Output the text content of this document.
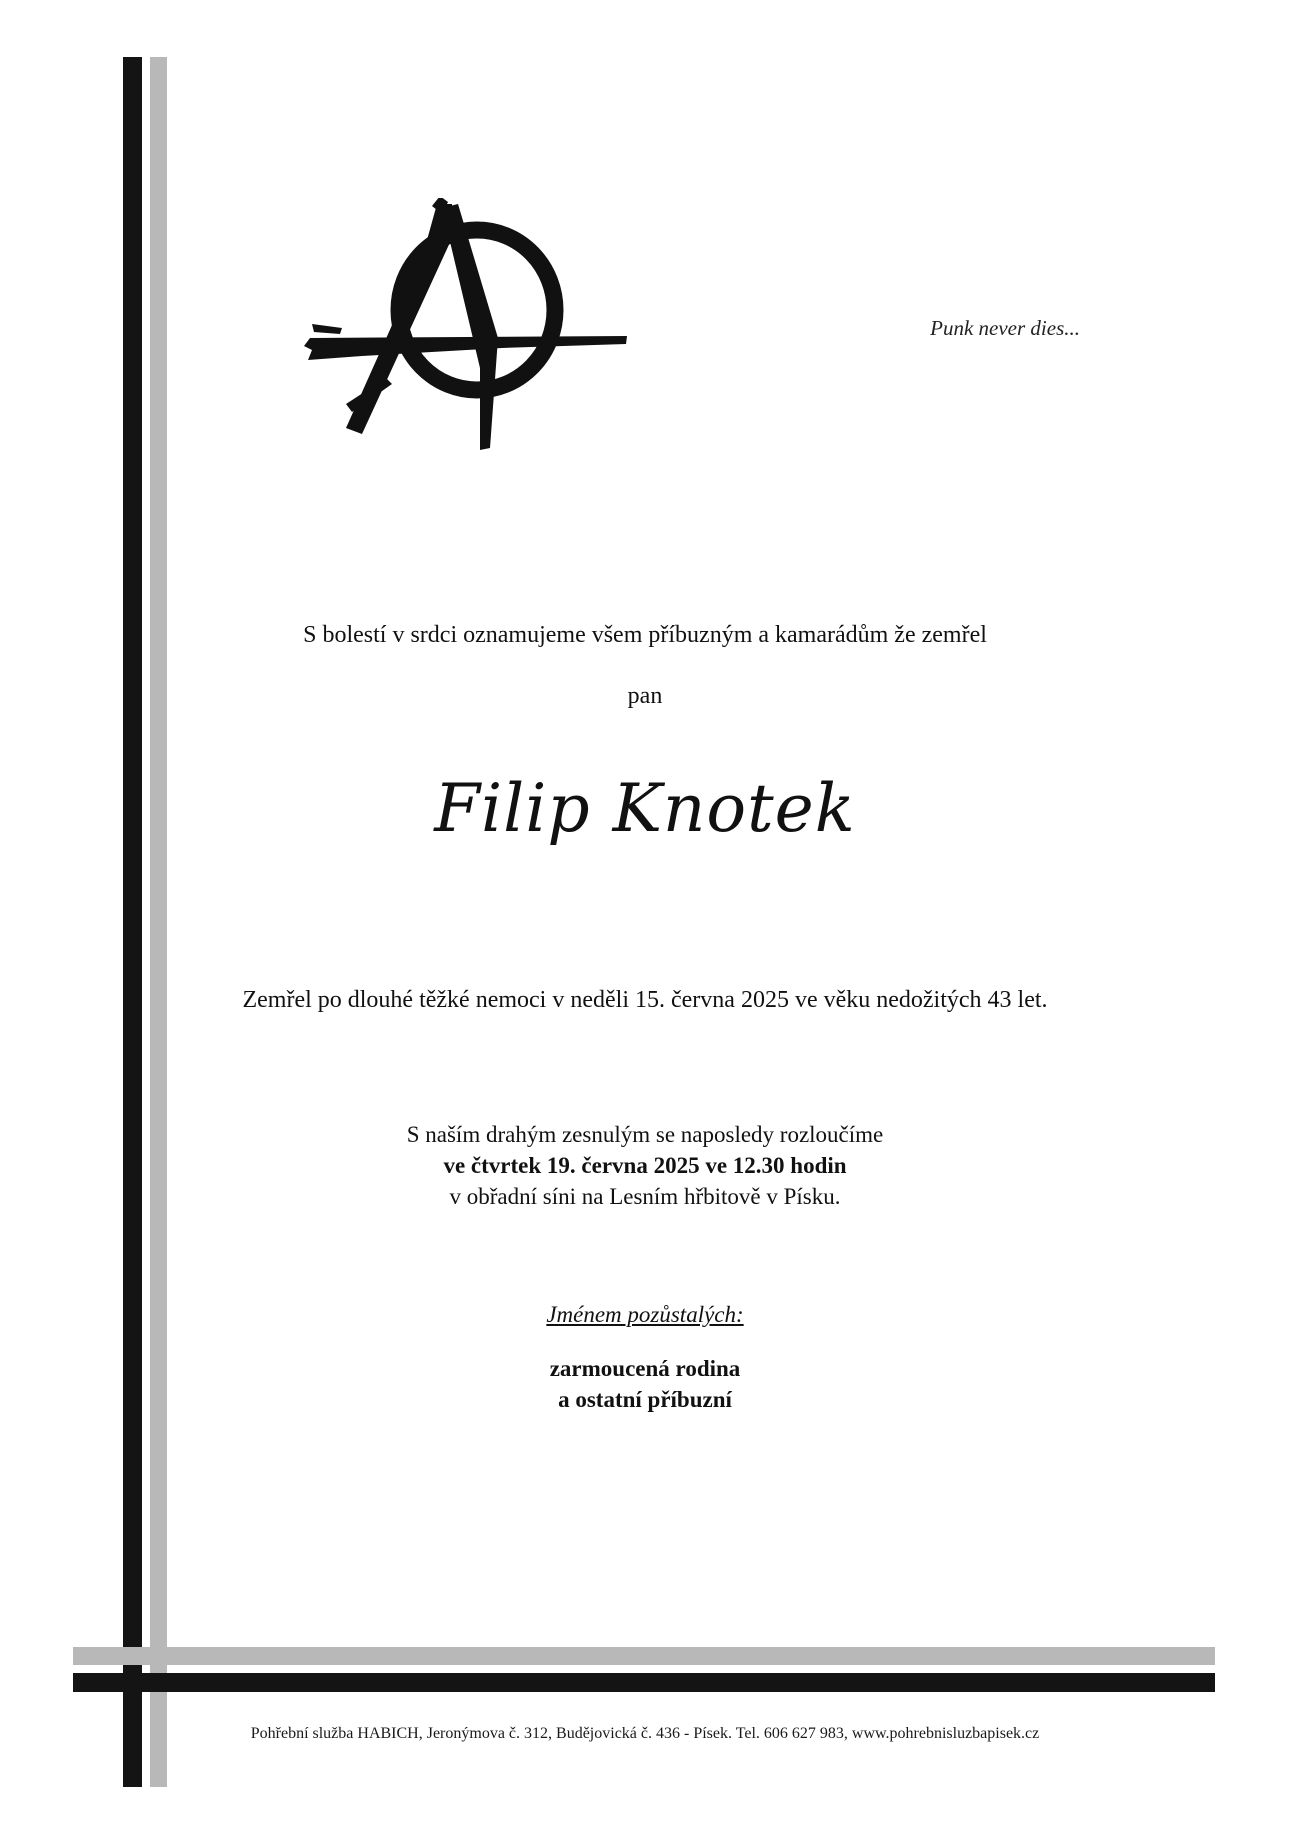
Punk never dies...
S bolestí v srdci oznamujeme všem příbuzným a kamarádům že zemřel
pan
Filip Knotek
Zemřel po dlouhé těžké nemoci v neděli 15. června 2025 ve věku nedožitých 43 let.
S naším drahým zesnulým se naposledy rozloučíme
ve čtvrtek 19. června 2025 ve 12.30 hodin
v obřadní síni na Lesním hřbitově v Písku.
Jménem pozůstalých:
zarmoucená rodina
a ostatní příbuzní
Pohřební služba HABICH, Jeronýmova č. 312, Budějovická č. 436 - Písek. Tel. 606 627 983, www.pohrebnisluzbapisek.cz
